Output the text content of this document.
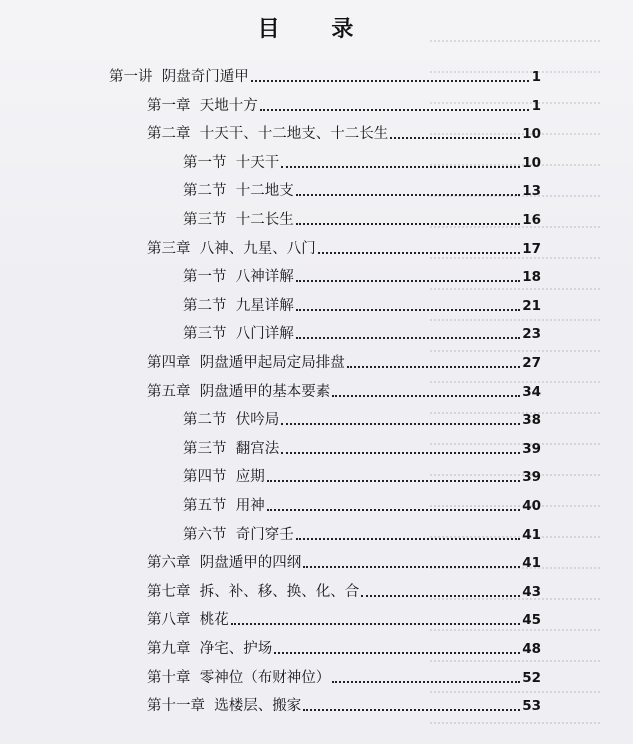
目 录
第一讲  阴盘奇门遁甲	1
第一章  天地十方	1
第二章  十天干、十二地支、十二长生	10
第一节  十天干	10
第二节  十二地支	13
第三节  十二长生	16
第三章  八神、九星、八门	17
第一节  八神详解	18
第二节  九星详解	21
第三节  八门详解	23
第四章  阴盘遁甲起局定局排盘	27
第五章  阴盘遁甲的基本要素	34
第二节  伏吟局	38
第三节  翻宫法	39
第四节  应期	39
第五节  用神	40
第六节  奇门穿壬	41
第六章  阴盘遁甲的四纲	41
第七章  拆、补、移、换、化、合	43
第八章  桃花	45
第九章  净宅、护场	48
第十章  零神位（布财神位）	52
第十一章  选楼层、搬家	53
